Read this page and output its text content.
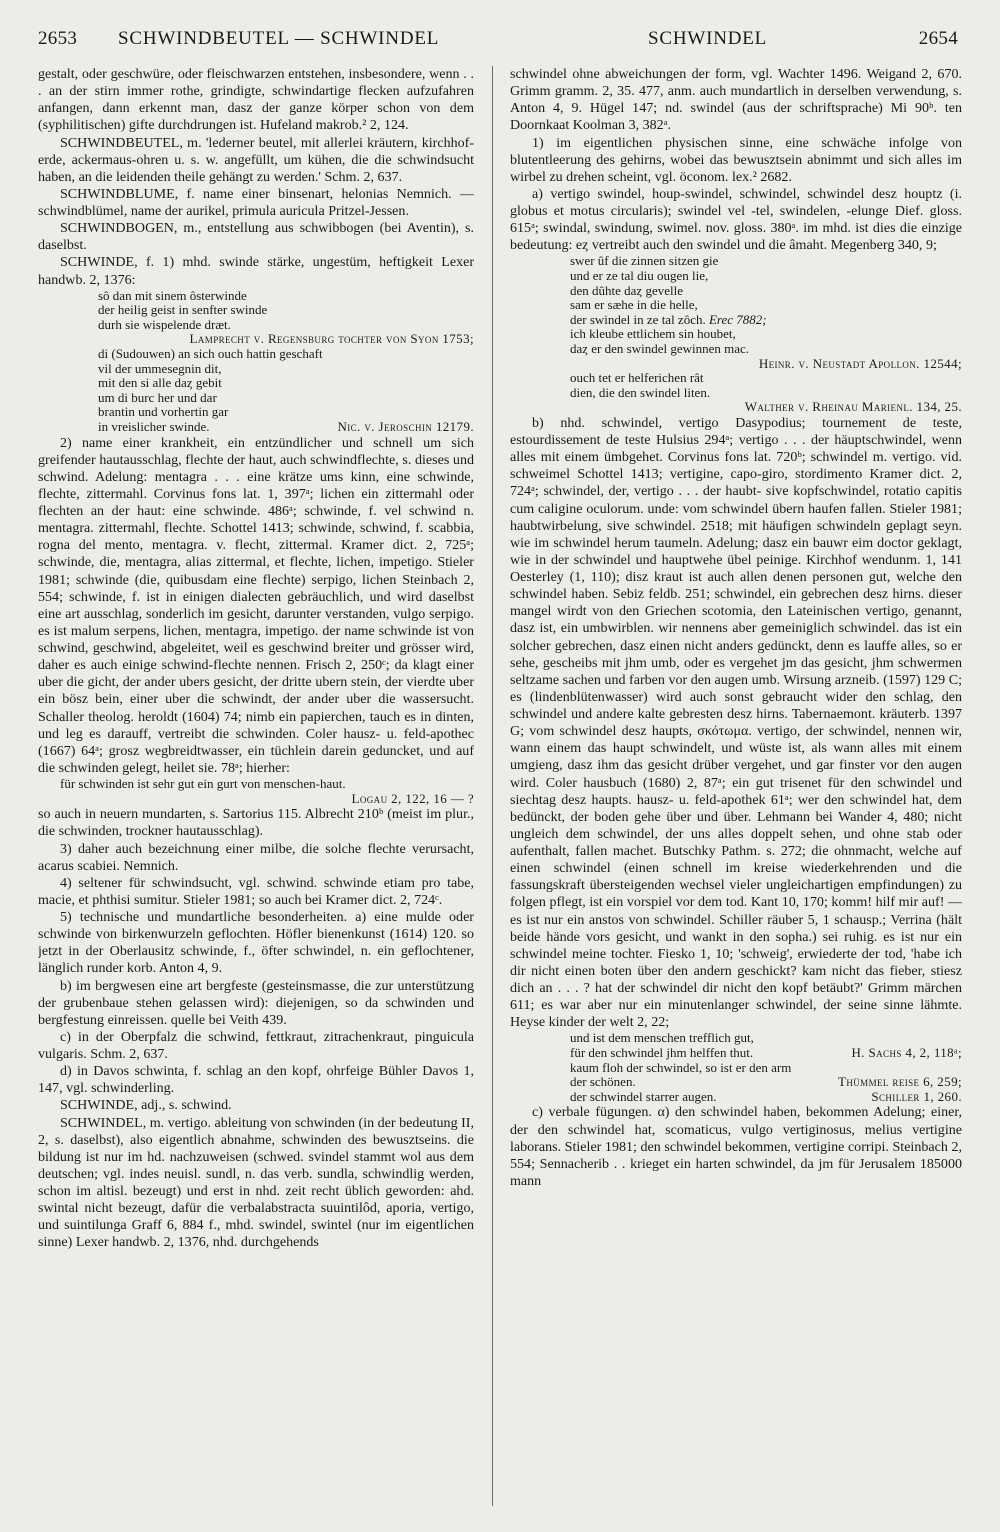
2653 SCHWINDBEUTEL — SCHWINDEL	SCHWINDEL	2654

gestalt, oder geschwüre, oder fleischwarzen entstehen, insbesondere, wenn . . . an der stirn immer rothe, grindigte, schwindartige flecken aufzufahren anfangen, dann erkennt man, dasz der ganze körper schon von dem (syphilitischen) gifte durchdrungen ist. Hufeland makrob.² 2, 124.

SCHWINDBEUTEL, m. 'lederner beutel, mit allerlei kräutern, kirchhof-erde, ackermaus-ohren u. s. w. angefüllt, um kühen, die die schwindsucht haben, an die leidenden theile gehängt zu werden.' Schm. 2, 637.

SCHWINDBLUME, f. name einer binsenart, helonias Nemnich. — schwindblümel, name der aurikel, primula auricula Pritzel-Jessen.

SCHWINDBOGEN, m., entstellung aus schwibbogen (bei Aventin), s. daselbst.

SCHWINDE, f. 1) mhd. swinde stärke, ungestüm, heftigkeit Lexer handwb. 2, 1376:

sô dan mit sinem ôsterwinde
der heilig geist in senfter swinde
durh sie wispelende dræt.
Lamprecht v. Regensburg tochter von Syon 1753;
di (Sudouwen) an sich ouch hattin geschaft
vil der ummesegnin dit,
mit den si alle daȥ gebit
um di burc her und dar
brantin und vorhertin gar
in vreislicher swinde.	Nic. v. Jeroschin 12179.

2) name einer krankheit, ein entzündlicher und schnell um sich greifender hautausschlag, flechte der haut, auch schwindflechte, s. dieses und schwind. Adelung: mentagra . . . eine krätze ums kinn, eine schwinde, flechte, zittermahl. Corvinus fons lat. 1, 397ᵃ; lichen ein zittermahl oder flechten an der haut: eine schwinde. 486ᵃ; schwinde, f. vel schwind n. mentagra. zittermahl, flechte. Schottel 1413; schwinde, schwind, f. scabbia, rogna del mento, mentagra. v. flecht, zittermal. Kramer dict. 2, 725ᵃ; schwinde, die, mentagra, alias zittermal, et flechte, lichen, impetigo. Stieler 1981; schwinde (die, quibusdam eine flechte) serpigo, lichen Steinbach 2, 554; schwinde, f. ist in einigen dialecten gebräuchlich, und wird daselbst eine art ausschlag, sonderlich im gesicht, darunter verstanden, vulgo serpigo. es ist malum serpens, lichen, mentagra, impetigo. der name schwinde ist von schwind, geschwind, abgeleitet, weil es geschwind breiter und grösser wird, daher es auch einige schwind-flechte nennen. Frisch 2, 250ᶜ; da klagt einer uber die gicht, der ander ubers gesicht, der dritte ubern stein, der vierdte uber ein bösz bein, einer uber die schwindt, der ander uber die wassersucht. Schaller theolog. heroldt (1604) 74; nimb ein papierchen, tauch es in dinten, und leg es darauff, vertreibt die schwinden. Coler hausz- u. feld-apothec (1667) 64ᵃ; grosz wegbreidtwasser, ein tüchlein darein geduncket, und auf die schwinden gelegt, heilet sie. 78ᵃ; hierher:

für schwinden ist sehr gut ein gurt von menschen-haut.
Logau 2, 122, 16 — ?

so auch in neuern mundarten, s. Sartorius 115. Albrecht 210ᵇ (meist im plur., die schwinden, trockner hautausschlag).

3) daher auch bezeichnung einer milbe, die solche flechte verursacht, acarus scabiei. Nemnich.

4) seltener für schwindsucht, vgl. schwind. schwinde etiam pro tabe, macie, et phthisi sumitur. Stieler 1981; so auch bei Kramer dict. 2, 724ᶜ.

5) technische und mundartliche besonderheiten. a) eine mulde oder schwinde von birkenwurzeln geflochten. Höfler bienenkunst (1614) 120. so jetzt in der Oberlausitz schwinde, f., öfter schwindel, n. ein geflochtener, länglich runder korb. Anton 4, 9.

b) im bergwesen eine art bergfeste (gesteinsmasse, die zur unterstützung der grubenbaue stehen gelassen wird): diejenigen, so da schwinden und bergfestung einreissen. quelle bei Veith 439.

c) in der Oberpfalz die schwind, fettkraut, zitrachenkraut, pinguicula vulgaris. Schm. 2, 637.

d) in Davos schwinta, f. schlag an den kopf, ohrfeige Bühler Davos 1, 147, vgl. schwinderling.

SCHWINDE, adj., s. schwind.

SCHWINDEL, m. vertigo. ableitung von schwinden (in der bedeutung II, 2, s. daselbst), also eigentlich abnahme, schwinden des bewusztseins. die bildung ist nur im hd. nachzuweisen (schwed. svindel stammt wol aus dem deutschen; vgl. indes neuisl. sundl, n. das verb. sundla, schwindlig werden, schon im altisl. bezeugt) und erst in nhd. zeit recht üblich geworden: ahd. swintal nicht bezeugt, dafür die verbalabstracta suuintilôd, aporia, vertigo, und suintilunga Graff 6, 884 f., mhd. swindel, swintel (nur im eigentlichen sinne) Lexer handwb. 2, 1376, nhd. durchgehends

schwindel ohne abweichungen der form, vgl. Wachter 1496. Weigand 2, 670. Grimm gramm. 2, 35. 477, anm. auch mundartlich in derselben verwendung, s. Anton 4, 9. Hügel 147; nd. swindel (aus der schriftsprache) Mi 90ᵇ. ten Doornkaat Koolman 3, 382ᵃ.

1) im eigentlichen physischen sinne, eine schwäche infolge von blutentleerung des gehirns, wobei das bewusztsein abnimmt und sich alles im wirbel zu drehen scheint, vgl. öconom. lex.² 2682.

a) vertigo swindel, houp-swindel, schwindel, schwindel desz houptz (i. globus et motus circularis); swindel vel -tel, swindelen, -elunge Dief. gloss. 615ᵃ; swindal, swindung, swimel. nov. gloss. 380ᵃ. im mhd. ist dies die einzige bedeutung: eȥ vertreibt auch den swindel und die âmaht. Megenberg 340, 9;

swer ûf die zinnen sitzen gie
und er ze tal diu ougen lie,
den dûhte daȥ gevelle
sam er sæhe in die helle,
der swindel in ze tal zôch. Erec 7882;
ich kleube ettlichem sin houbet,
daȥ er den swindel gewinnen mac.
Heinr. v. Neustadt Apollon. 12544;
ouch tet er helferichen rât
dien, die den swindel liten.
Walther v. Rheinau Marienl. 134, 25.

b) nhd. schwindel, vertigo Dasypodius; tournement de teste, estourdissement de teste Hulsius 294ᵃ; vertigo . . . der häuptschwindel, wenn alles mit einem ümbgehet. Corvinus fons lat. 720ᵇ; schwindel m. vertigo. vid. schweimel Schottel 1413; vertigine, capo-giro, stordimento Kramer dict. 2, 724ᵃ; schwindel, der, vertigo . . . der haubt- sive kopfschwindel, rotatio capitis cum caligine oculorum. unde: vom schwindel übern haufen fallen. Stieler 1981; haubtwirbelung, sive schwindel. 2518; mit häufigen schwindeln geplagt seyn. wie im schwindel herum taumeln. Adelung; dasz ein bauwr eim doctor geklagt, wie in der schwindel und hauptwehe übel peinige. Kirchhof wendunm. 1, 141 Oesterley (1, 110); disz kraut ist auch allen denen personen gut, welche den schwindel haben. Sebiz feldb. 251; schwindel, ein gebrechen desz hirns. dieser mangel wirdt von den Griechen scotomia, den Lateinischen vertigo, genannt, dasz ist, ein umbwirblen. wir nennens aber gemeiniglich schwindel. das ist ein solcher gebrechen, dasz einen nicht anders gedünckt, denn es lauffe alles, so er sehe, gescheibs mit jhm umb, oder es vergehet jm das gesicht, jhm schwermen seltzame sachen und farben vor den augen umb. Wirsung arzneib. (1597) 129 C; es (lindenblütenwasser) wird auch sonst gebraucht wider den schlag, den schwindel und andere kalte gebresten desz hirns. Tabernaemont. kräuterb. 1397 G; vom schwindel desz haupts, σκότωμα. vertigo, der schwindel, nennen wir, wann einem das haupt schwindelt, und wüste ist, als wann alles mit einem umgieng, dasz ihm das gesicht drüber vergehet, und gar finster vor den augen wird. Coler hausbuch (1680) 2, 87ᵃ; ein gut trisenet für den schwindel und siechtag desz haupts. hausz- u. feld-apothek 61ᵃ; wer den schwindel hat, dem bedünckt, der boden gehe über und über. Lehmann bei Wander 4, 480; nicht ungleich dem schwindel, der uns alles doppelt sehen, und ohne stab oder aufenthalt, fallen machet. Butschky Pathm. s. 272; die ohnmacht, welche auf einen schwindel (einen schnell im kreise wiederkehrenden und die fassungskraft übersteigenden wechsel vieler ungleichartigen empfindungen) zu folgen pflegt, ist ein vorspiel vor dem tod. Kant 10, 170; komm! hilf mir auf! — es ist nur ein anstos von schwindel. Schiller räuber 5, 1 schausp.; Verrina (hält beide hände vors gesicht, und wankt in den sopha.) sei ruhig. es ist nur ein schwindel meine tochter. Fiesko 1, 10; 'schweig', erwiederte der tod, 'habe ich dir nicht einen boten über den andern geschickt? kam nicht das fieber, stiesz dich an . . . ? hat der schwindel dir nicht den kopf betäubt?' Grimm märchen 611; es war aber nur ein minutenlanger schwindel, der seine sinne lähmte. Heyse kinder der welt 2, 22;

und ist dem menschen trefflich gut,
für den schwindel jhm helffen thut.	H. Sachs 4, 2, 118ᵃ;
kaum floh der schwindel, so ist er den arm
der schönen.	Thümmel reise 6, 259;
der schwindel starrer augen.	Schiller 1, 260.

c) verbale fügungen. α) den schwindel haben, bekommen Adelung; einer, der den schwindel hat, scomaticus, vulgo vertiginosus, melius vertigine laborans. Stieler 1981; den schwindel bekommen, vertigine corripi. Steinbach 2, 554; Sennacherib . . krieget ein harten schwindel, da jm für Jerusalem 185000 mann
